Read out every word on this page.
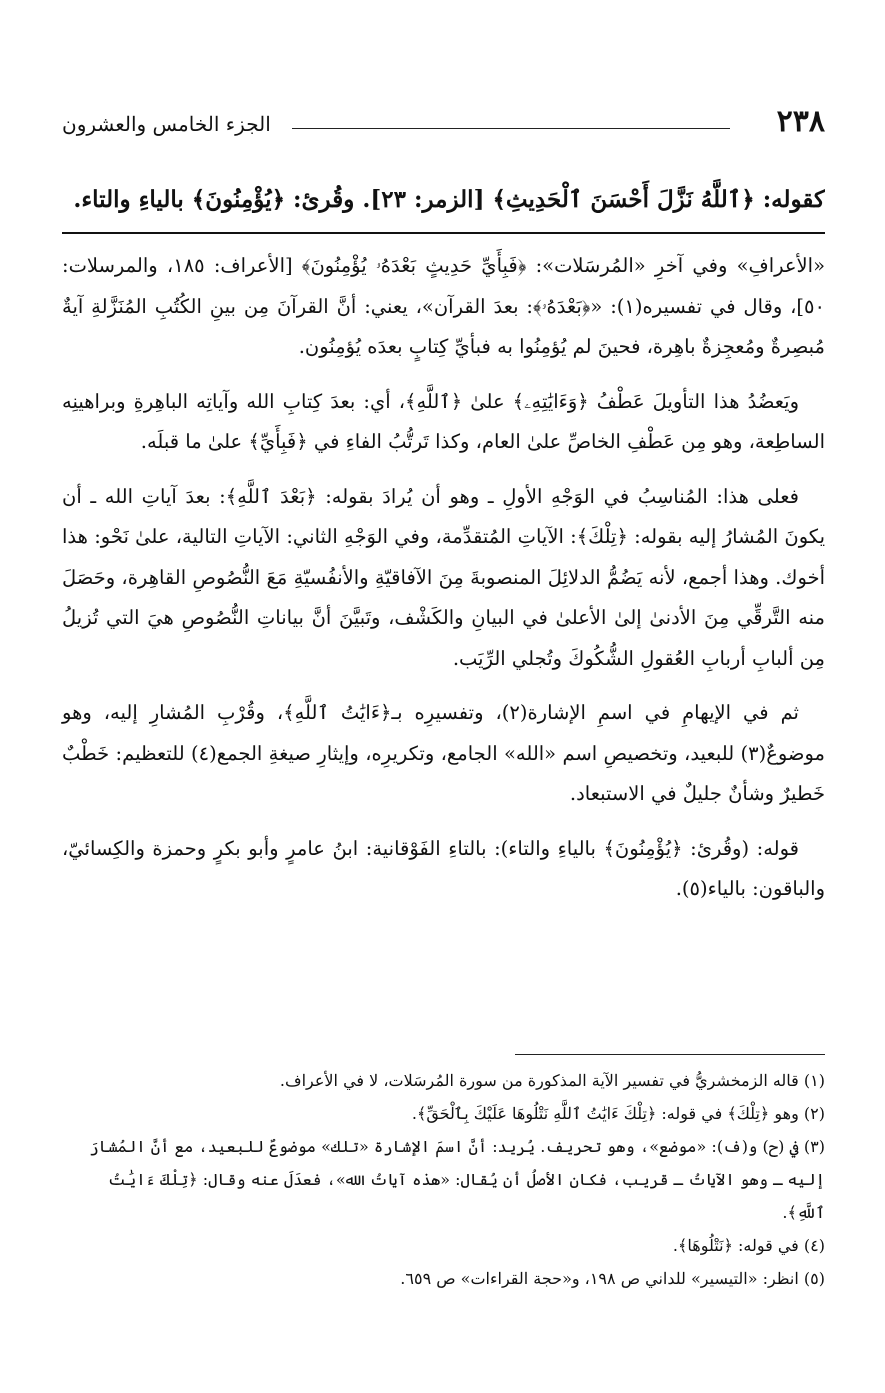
٢٣٨
الجزء الخامس والعشرون
كقوله: ﴿ٱللَّهُ نَزَّلَ أَحْسَنَ ٱلْحَدِيثِ﴾ [الزمر: ٢٣]. وقُرئ: ﴿يُؤْمِنُونَ﴾ بالياءِ والتاء.

«الأعرافِ» وفي آخرِ «المُرسَلات»: ﴿فَبِأَيِّ حَدِيثٍ بَعْدَهُۥ يُؤْمِنُونَ﴾ [الأعراف: ١٨٥، والمرسلات: ٥٠]، وقال في تفسيره(١): «﴿بَعْدَهُۥ﴾: بعدَ القرآن»، يعني: أنَّ القرآنَ مِن بينِ الكُتُبِ المُنَزَّلةِ آيةٌ مُبصِرةٌ ومُعجِزةٌ باهِرة، فحينَ لم يُؤمِنُوا به فبأيِّ كِتابٍ بعدَه يُؤمِنُون.

ويَعضُدُ هذا التأويلَ عَطْفُ ﴿وَءَايَٰتِهِۦ﴾ علىٰ ﴿ٱللَّهِ﴾، أي: بعدَ كِتابِ الله وآياتِه الباهِرةِ وبراهينِه الساطِعة، وهو مِن عَطْفِ الخاصِّ علىٰ العام، وكذا تَرتُّبُ الفاءِ في ﴿فَبِأَيِّ﴾ علىٰ ما قبلَه.

فعلى هذا: المُناسِبُ في الوَجْهِ الأولِ ـ وهو أن يُرادَ بقوله: ﴿بَعْدَ ٱللَّهِ﴾: بعدَ آياتِ الله ـ أن يكونَ المُشارُ إليه بقوله: ﴿تِلْكَ﴾: الآياتِ المُتقدِّمة، وفي الوَجْهِ الثاني: الآياتِ التالية، علىٰ نَحْو: هذا أخوك. وهذا أجمع، لأنه يَضُمُّ الدلائِلَ المنصوبةَ مِنَ الآفاقيّةِ والأنفُسيّةِ مَعَ النُّصُوصِ القاهِرة، وحَصَلَ منه التَّرقِّي مِنَ الأدنىٰ إلىٰ الأعلىٰ في البيانِ والكَشْف، وتَبيَّنَ أنَّ بياناتِ النُّصُوصِ هيَ التي تُزيلُ مِن ألبابِ أربابِ العُقولِ الشُّكُوكَ وتُجلي الرِّيَب.

ثم في الإيهامِ في اسمِ الإشارة(٢)، وتفسيرِه بـ﴿ءَايَٰتُ ٱللَّهِ﴾، وقُرْبِ المُشارِ إليه، وهو موضوعٌ(٣) للبعيد، وتخصيصِ اسم «الله» الجامع، وتكريرِه، وإيثارِ صيغةِ الجمع(٤) للتعظيم: خَطْبٌ خَطيرٌ وشأنٌ جليلٌ في الاستبعاد.

قوله: (وقُرئ: ﴿يُؤْمِنُونَ﴾ بالياءِ والتاء): بالتاءِ الفَوْقانية: ابنُ عامرٍ وأبو بكرٍ وحمزة والكِسائيّ، والباقون: بالياء(٥).

(١) قاله الزمخشريُّ في تفسير الآية المذكورة من سورة المُرسَلات، لا في الأعراف.
(٢) وهو ﴿تِلْكَ﴾ في قوله: ﴿تِلْكَ ءَايَٰتُ ٱللَّهِ نَتْلُوهَا عَلَيْكَ بِٱلْحَقِّ﴾.
(٣) في (ح) و(ف): «موضع»، وهو تحريف. يُريد: أنَّ اسمَ الإشارة «تلك» موضوعٌ للبعيد، مع أنَّ المُشارَ إليه ـ وهو الآياتُ ـ قريب، فكان الأصلُ أن يُقال: «هذه آياتُ الله»، فعدَلَ عنه وقال: ﴿تِلْكَ ءَايَٰتُ ٱللَّهِ﴾.
(٤) في قوله: ﴿نَتْلُوهَا﴾.
(٥) انظر: «التيسير» للداني ص ١٩٨، و«حجة القراءات» ص ٦٥٩.
